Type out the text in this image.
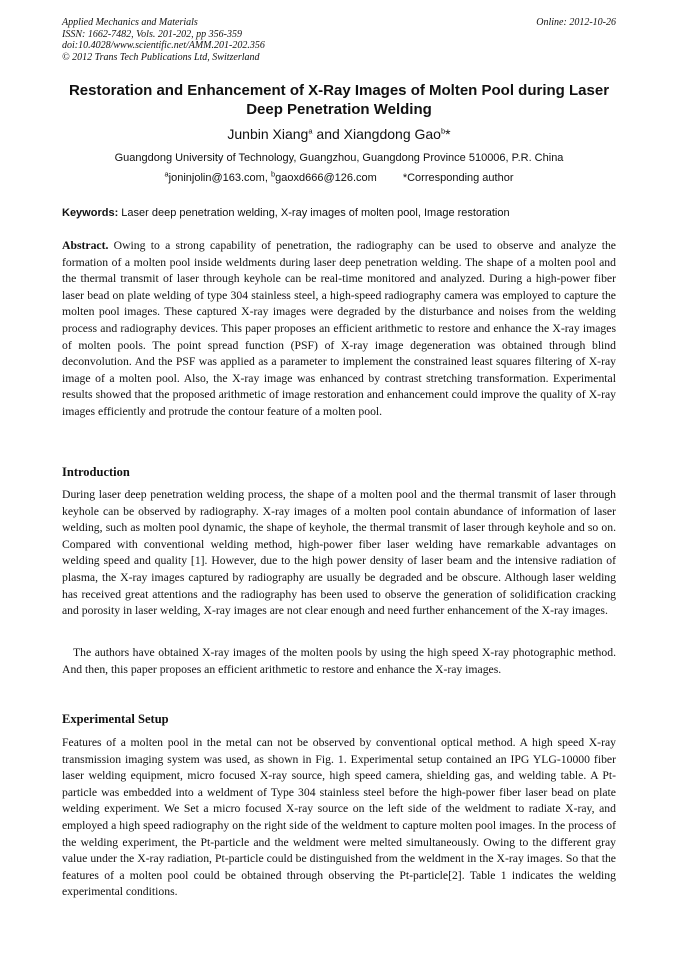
Applied Mechanics and Materials
ISSN: 1662-7482, Vols. 201-202, pp 356-359
doi:10.4028/www.scientific.net/AMM.201-202.356
© 2012 Trans Tech Publications Ltd, Switzerland
Online: 2012-10-26
Restoration and Enhancement of X-Ray Images of Molten Pool during Laser Deep Penetration Welding
Junbin Xiang$^a$ and Xiangdong Gao$^b$*
Guangdong University of Technology, Guangzhou, Guangdong Province 510006, P.R. China
$^a$joninjolin@163.com, $^b$gaoxd666@126.com *Corresponding author
Keywords: Laser deep penetration welding, X-ray images of molten pool, Image restoration

Abstract. Owing to a strong capability of penetration, the radiography can be used to observe and analyze the formation of a molten pool inside weldments during laser deep penetration welding. The shape of a molten pool and the thermal transmit of laser through keyhole can be real-time monitored and analyzed. During a high-power fiber laser bead on plate welding of type 304 stainless steel, a high-speed radiography camera was employed to capture the molten pool images. These captured X-ray images were degraded by the disturbance and noises from the welding process and radiography devices. This paper proposes an efficient arithmetic to restore and enhance the X-ray images of molten pools. The point spread function (PSF) of X-ray image degeneration was obtained through blind deconvolution. And the PSF was applied as a parameter to implement the constrained least squares filtering of X-ray image of a molten pool. Also, the X-ray image was enhanced by contrast stretching transformation. Experimental results showed that the proposed arithmetic of image restoration and enhancement could improve the quality of X-ray images efficiently and protrude the contour feature of a molten pool.

Introduction

During laser deep penetration welding process, the shape of a molten pool and the thermal transmit of laser through keyhole can be observed by radiography. X-ray images of a molten pool contain abundance of information of laser welding, such as molten pool dynamic, the shape of keyhole, the thermal transmit of laser through keyhole and so on. Compared with conventional welding method, high-power fiber laser welding have remarkable advantages on welding speed and quality [1]. However, due to the high power density of laser beam and the intensive radiation of plasma, the X-ray images captured by radiography are usually be degraded and be obscure. Although laser welding has received great attentions and the radiography has been used to observe the generation of solidification cracking and porosity in laser welding, X-ray images are not clear enough and need further enhancement of the X-ray images.

The authors have obtained X-ray images of the molten pools by using the high speed X-ray photographic method. And then, this paper proposes an efficient arithmetic to restore and enhance the X-ray images.

Experimental Setup

Features of a molten pool in the metal can not be observed by conventional optical method. A high speed X-ray transmission imaging system was used, as shown in Fig. 1. Experimental setup contained an IPG YLG-10000 fiber laser welding equipment, micro focused X-ray source, high speed camera, shielding gas, and welding table. A Pt-particle was embedded into a weldment of Type 304 stainless steel before the high-power fiber laser bead on plate welding experiment. We Set a micro focused X-ray source on the left side of the weldment to radiate X-ray, and employed a high speed radiography on the right side of the weldment to capture molten pool images. In the process of the welding experiment, the Pt-particle and the weldment were melted simultaneously. Owing to the different gray value under the X-ray radiation, Pt-particle could be distinguished from the weldment in the X-ray images. So that the features of a molten pool could be obtained through observing the Pt-particle[2]. Table 1 indicates the welding experimental conditions.
